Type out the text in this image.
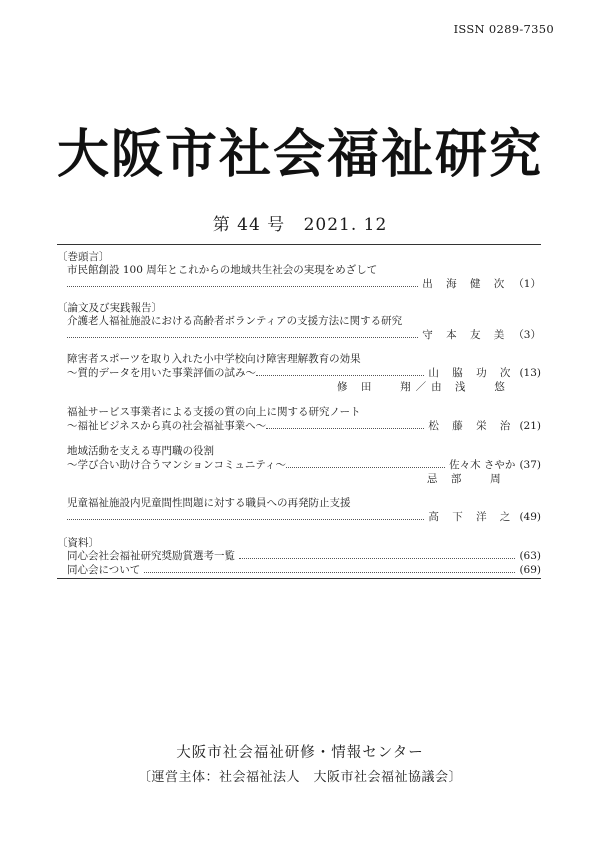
ISSN 0289-7350
大阪市社会福祉研究
第 44 号 2021. 12
〔巻頭言〕
市民館創設 100 周年とこれからの地域共生社会の実現をめざして
出 海 健 次 （1）
〔論文及び実践報告〕
介護老人福祉施設における高齢者ボランティアの支援方法に関する研究
守 本 友 美 （3）
障害者スポーツを取り入れた小中学校向け障害理解教育の効果
～質的データを用いた事業評価の試み～	山 脇 功 次 (13)
修 田　 翔／由 浅　 悠
福祉サービス事業者による支援の質の向上に関する研究ノート
～福祉ビジネスから真の社会福祉事業へ～	松 藤 栄 治 (21)
地域活動を支える専門職の役割
～学び合い助け合うマンションコミュニティ～	佐々木 さやか (37)
忌 部　 周
児童福祉施設内児童間性問題に対する職員への再発防止支援
高 下 洋 之 (49)
〔資料〕
同心会社会福祉研究奨励賞選考一覧	(63)
同心会について	(69)
大阪市社会福祉研修・情報センター
〔運営主体：社会福祉法人　大阪市社会福祉協議会〕
